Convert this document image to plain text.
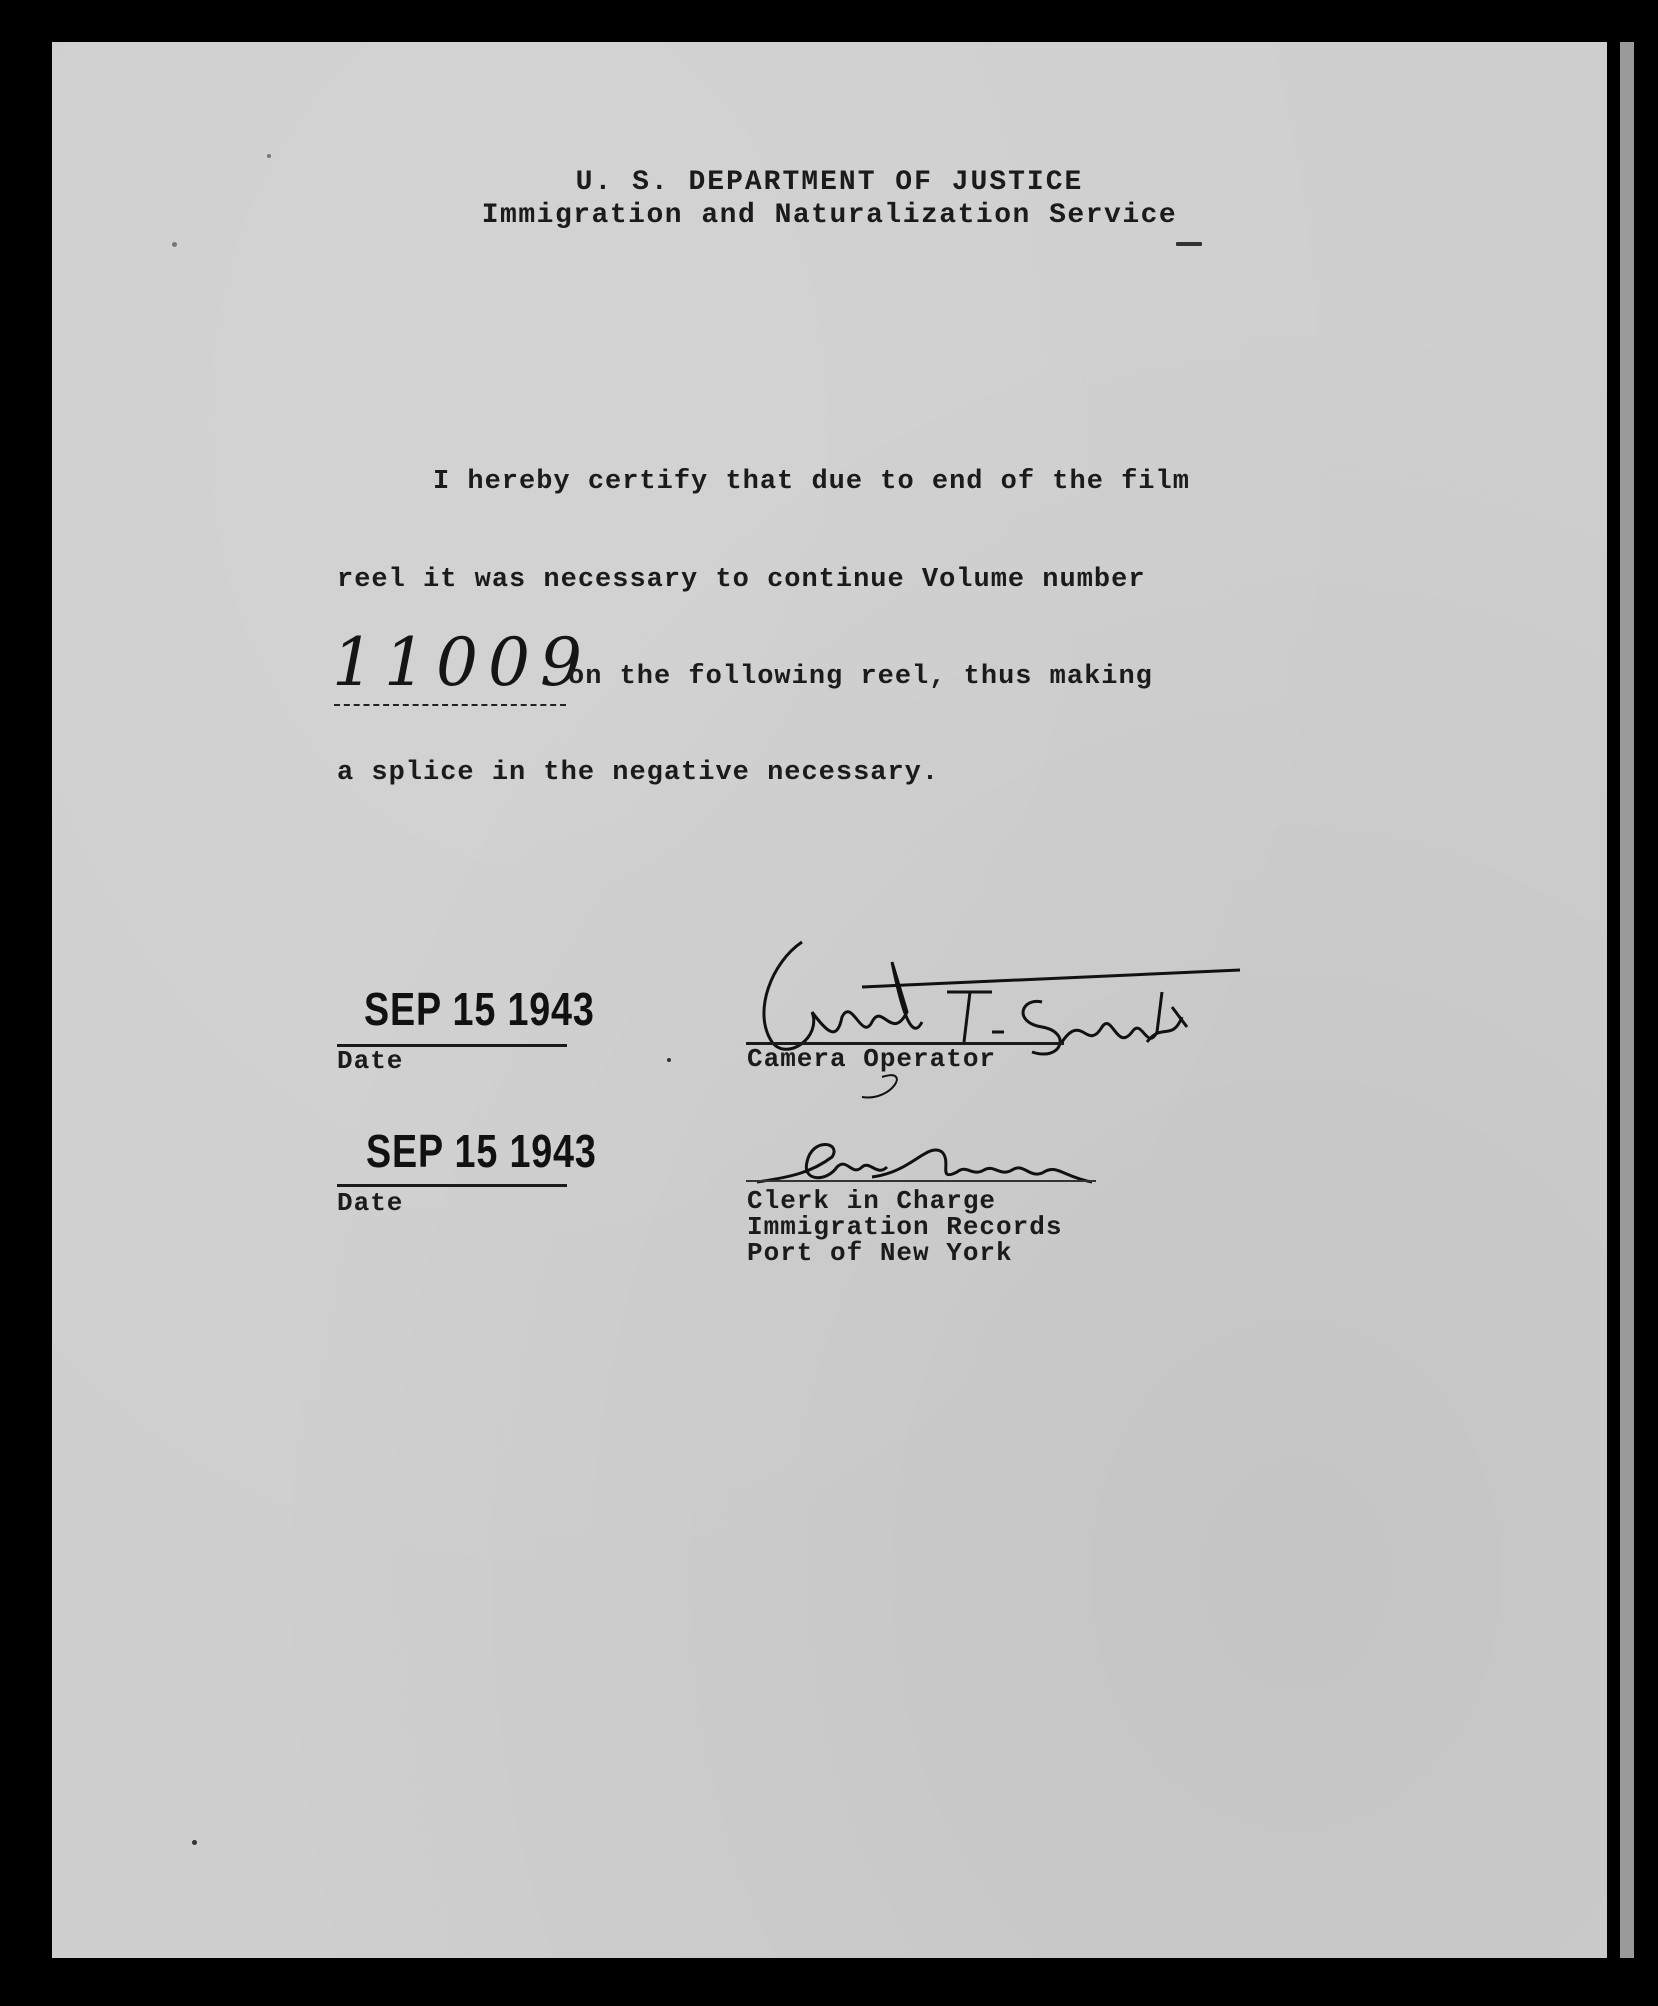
U. S. DEPARTMENT OF JUSTICE
Immigration and Naturalization Service
I hereby certify that due to end of the film
reel it was necessary to continue Volume number
11009
on the following reel, thus making
a splice in the negative necessary.
SEP 15 1943
Date	Camera Operator
SEP 15 1943
Date	Clerk in Charge
Immigration Records
Port of New York
